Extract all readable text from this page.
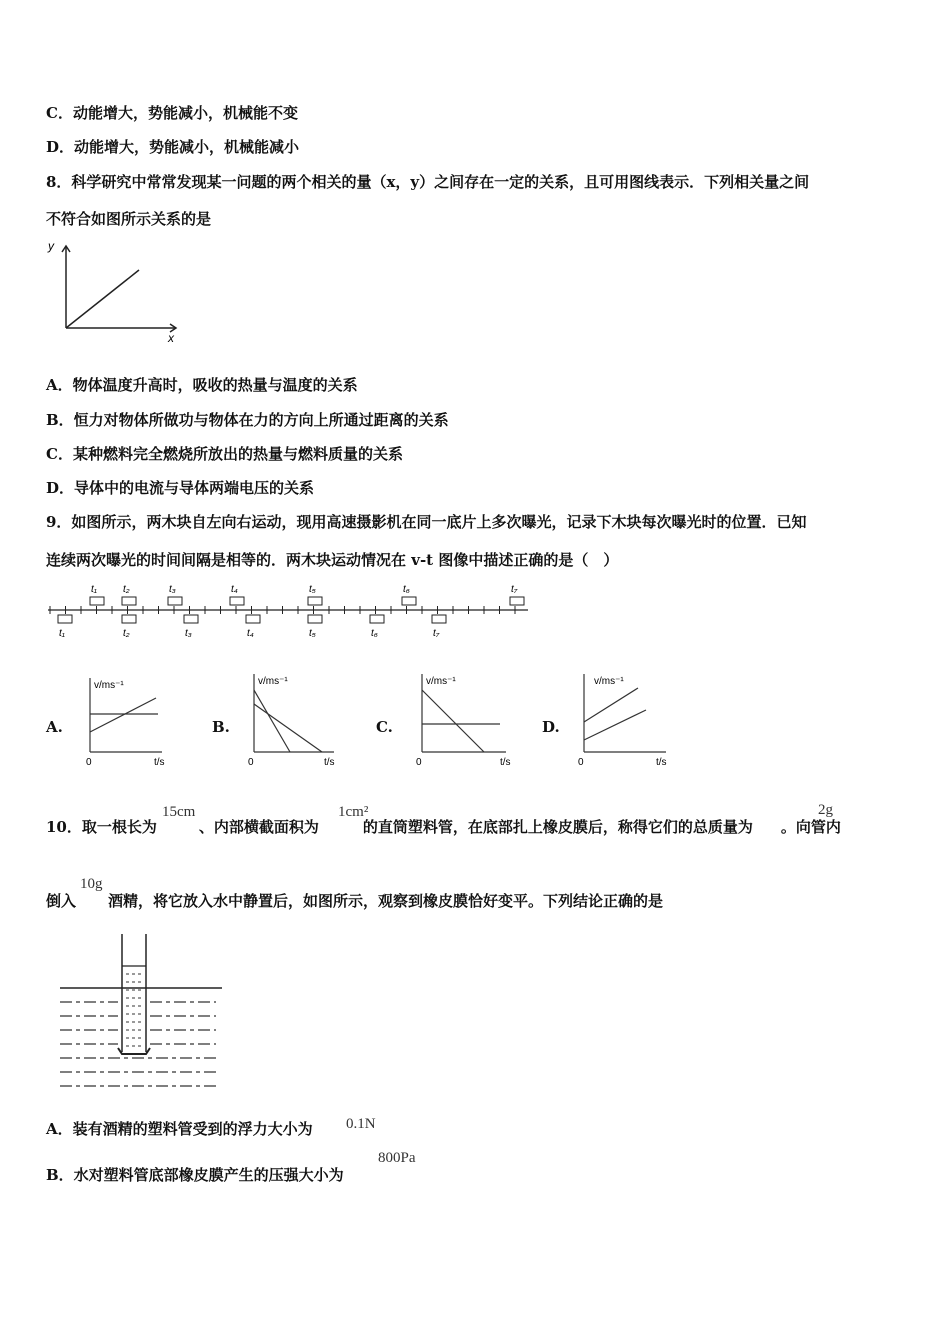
C．动能增大，势能减小，机械能不变
D．动能增大，势能减小，机械能减小
8．科学研究中常常发现某一问题的两个相关的量（x，y）之间存在一定的关系，且可用图线表示．下列相关量之间
不符合如图所示关系的是
y
x
A．物体温度升高时，吸收的热量与温度的关系
B．恒力对物体所做功与物体在力的方向上所通过距离的关系
C．某种燃料完全燃烧所放出的热量与燃料质量的关系
D．导体中的电流与导体两端电压的关系
9．如图所示，两木块自左向右运动，现用高速摄影机在同一底片上多次曝光，记录下木块每次曝光时的位置．已知
连续两次曝光的时间间隔是相等的．两木块运动情况在 v-t 图像中描述正确的是（　）
t₁	t₂	t₃	t₄	t₅	t₆	t₇
t₁	t₂	t₃	t₄	t₅	t₆	t₇
A.
v/ms⁻¹
0	t/s
B.
v/ms⁻¹
0	t/s
C.
v/ms⁻¹
0	t/s
D.
v/ms⁻¹
0	t/s
10．取一根长为	、内部横截面积为	的直筒塑料管，在底部扎上橡皮膜后，称得它们的总质量为 。向管内
15cm	1cm²	2g
倒入 酒精，将它放入水中静置后，如图所示，观察到橡皮膜恰好变平。下列结论正确的是
10g
A．装有酒精的塑料管受到的浮力大小为 0.1N
B．水对塑料管底部橡皮膜产生的压强大小为
800Pa
